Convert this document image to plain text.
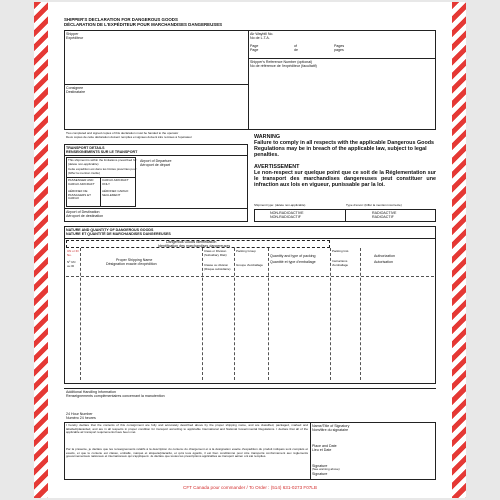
SHIPPER'S DECLARATION FOR DANGEROUS GOODS
DÉCLARATION DE L'EXPÉDITEUR POUR MARCHANDISES DANGEREUSES
Shipper
Expéditeur
Air Waybill No.
No de L.T.A.
Page	of	Pages
Page	de	pages
Shipper's Reference Number (optional)
No de référence de l'expéditeur (facultatif)
Consignee
Destinataire
Two completed and signed copies of this declaration must be handed to the operator
Deux copies de cette déclaration doivent remplies et signées doivent être remises à l'opérateur
TRANSPORT DETAILS
RENSEIGNEMENTS SUR LE TRANSPORT
This shipment is within the limitations prescribed for:
(delete non-applicable)
Cette expédition est dans les limites prescrites pour:
(biffer la mention inutile)
PASSENGER AND CARGO AIRCRAFT
AÉRONEF DE PASSAGERS ET CARGO
CARGO AIRCRAFT ONLY
AÉRONEF CARGO SEULEMENT
Airport of Departure
Aéroport de départ
Airport of Destination
Aéroport de destination
WARNING
Failure to comply in all respects with the applicable Dangerous Goods Regulations may be in breach of the applicable law, subject to legal penalties.
AVERTISSEMENT
Le non-respect sur quelque point que ce soit de la Réglementation sur le transport des marchandises dangereuses peut constituer une infraction aux lois en vigueur, punissable par la loi.
Shipment type: (delete non-applicable)	Type d'envoi: (biffer la mention incorrecte)
NON-RADIOACTIVE
NON-RADIOACTIF
RADIOACTIVE
RADIOACTIF
NATURE AND QUANTITY OF DANGEROUS GOODS
NATURE ET QUANTITÉ DE MARCHANDISES DANGEREUSES
Dangerous Goods Identification
Identification des marchandises dangereuses
UN or ID No.
Nº UN ou ID
Proper Shipping Name
Désignation exacte d'expédition
Class or Division (Subsidiary Risk)
Classe ou division (Risque subsidiaire)
Packing Group
Groupe d'emballage
Quantity and type of packing
Quantité et type d'emballage
Packing Inst.
Instructions d'emballage
Authorization
Autorisation
Additional Handling Information
Renseignements complémentaires concernant la manutention
24 Hour Number
Numéro 24 heures
I hereby declare that the contents of this consignment are fully and accurately described above by the proper shipping name, and are classified, packaged, marked and labelled/placarded, and are in all respects in proper condition for transport according to applicable International and National Governmental Regulations. I declare that all of the applicable air transport requirements have been met.
Par la présente, je déclare que les renseignements relatifs à la description du contenu du chargement et à la désignation exacte d'expédition du produit indiqués sont complets et exacts, et que le contenu est classé, emballé, marqué et étiqueté/placardé, et qu'à tous égards, il est bien conditionné pour être transporté conformément aux règlements gouvernementaux nationaux et internationaux qui s'appliquent. Je déclare que toutes les prescriptions applicables au transport aérien ont été remplies.
Name/Title of Signatory
Nom/titre du signataire
Place and Date
Lieu et Date
Signature
(See warning above)
Signature
CFT Canada pour commander / To Order : (514) 631-0273 F07LB
